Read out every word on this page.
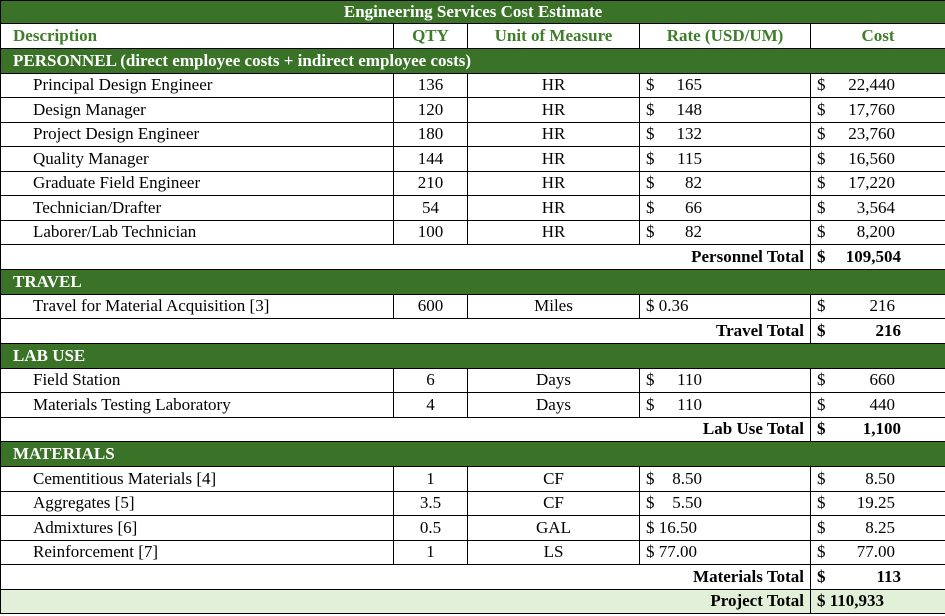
Engineering Services Cost Estimate				
Description	QTY	Unit of Measure	Rate (USD/UM)	Cost
PERSONNEL (direct employee costs + indirect employee costs)				
Principal Design Engineer	136	HR	$ 165	$ 22,440

Design Manager	120	HR	$ 148	$ 17,760

Project Design Engineer	180	HR	$ 132	$ 23,760

Quality Manager	144	HR	$ 115	$ 16,560

Graduate Field Engineer	210	HR	$ 82	$ 17,220

Technician/Drafter	54	HR	$ 66	$ 3,564

Laborer/Lab Technician	100	HR	$ 82	$ 8,200

Personnel Total				$ 109,504

TRAVEL				
Travel for Material Acquisition [3]	600	Miles	$ 0.36	$ 216

Travel Total				$ 216

LAB USE				
Field Station	6	Days	$ 110	$ 660

Materials Testing Laboratory	4	Days	$ 110	$ 440

Lab Use Total				$ 1,100

MATERIALS				
Cementitious Materials [4]	1	CF	$ 8.50	$ 8.50

Aggregates [5]	3.5	CF	$ 5.50	$ 19.25

Admixtures [6]	0.5	GAL	$ 16.50	$ 8.25

Reinforcement [7]	1	LS	$ 77.00	$ 77.00

Materials Total				$ 113

Project Total				$ 110,933
